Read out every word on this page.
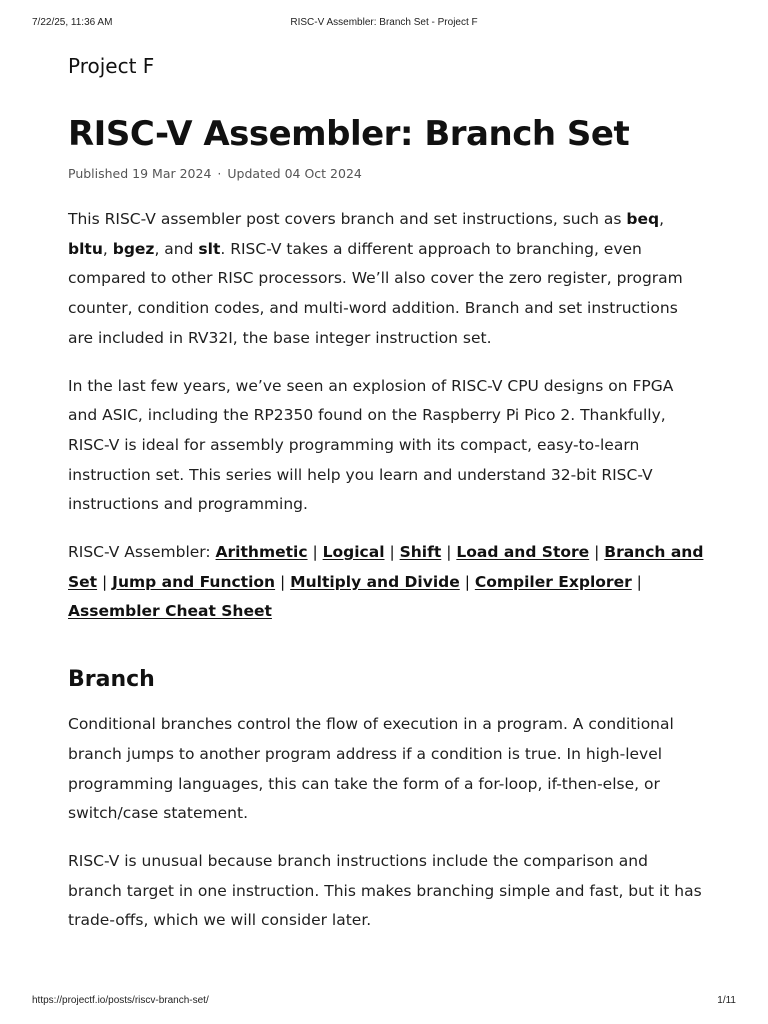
7/22/25, 11:36 AM	RISC-V Assembler: Branch Set - Project F
Project F
RISC-V Assembler: Branch Set
Published 19 Mar 2024 · Updated 04 Oct 2024

This RISC-V assembler post covers branch and set instructions, such as beq, bltu, bgez, and slt. RISC-V takes a different approach to branching, even compared to other RISC processors. We’ll also cover the zero register, program counter, condition codes, and multi-word addition. Branch and set instructions are included in RV32I, the base integer instruction set.

In the last few years, we’ve seen an explosion of RISC-V CPU designs on FPGA and ASIC, including the RP2350 found on the Raspberry Pi Pico 2. Thankfully, RISC-V is ideal for assembly programming with its compact, easy-to-learn instruction set. This series will help you learn and understand 32-bit RISC-V instructions and programming.

RISC-V Assembler: Arithmetic | Logical | Shift | Load and Store | Branch and Set | Jump and Function | Multiply and Divide | Compiler Explorer | Assembler Cheat Sheet

Branch

Conditional branches control the flow of execution in a program. A conditional branch jumps to another program address if a condition is true. In high-level programming languages, this can take the form of a for-loop, if-then-else, or switch/case statement.

RISC-V is unusual because branch instructions include the comparison and branch target in one instruction. This makes branching simple and fast, but it has trade-offs, which we will consider later.

https://projectf.io/posts/riscv-branch-set/	1/11
